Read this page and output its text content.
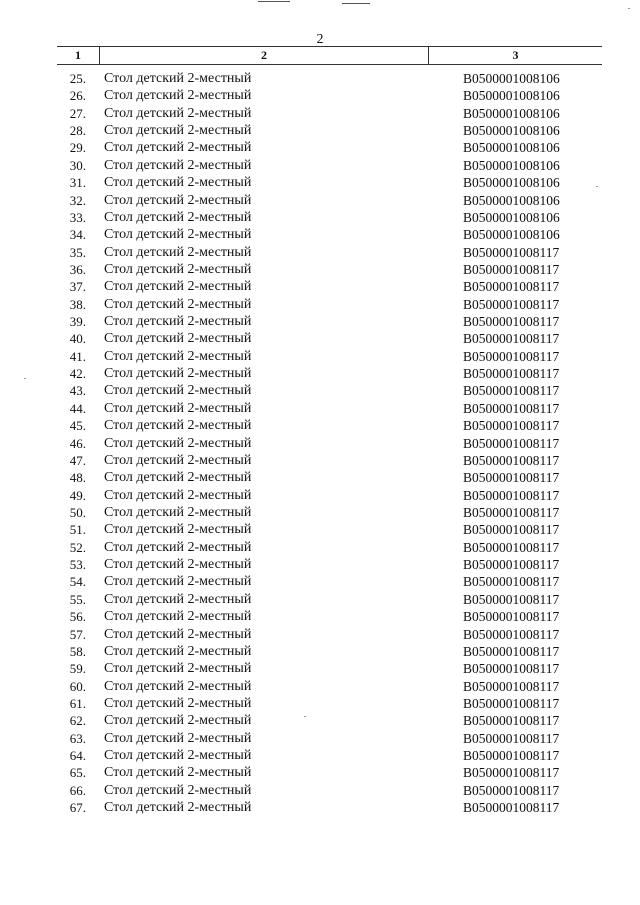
2
1	2	3
25. Стол детский 2-местный	В0500001008106
26. Стол детский 2-местный	В0500001008106
27. Стол детский 2-местный	В0500001008106
28. Стол детский 2-местный	В0500001008106
29. Стол детский 2-местный	В0500001008106
30. Стол детский 2-местный	В0500001008106
31. Стол детский 2-местный	В0500001008106
32. Стол детский 2-местный	В0500001008106
33. Стол детский 2-местный	В0500001008106
34. Стол детский 2-местный	В0500001008106
35. Стол детский 2-местный	В0500001008117
36. Стол детский 2-местный	В0500001008117
37. Стол детский 2-местный	В0500001008117
38. Стол детский 2-местный	В0500001008117
39. Стол детский 2-местный	В0500001008117
40. Стол детский 2-местный	В0500001008117
41. Стол детский 2-местный	В0500001008117
42. Стол детский 2-местный	В0500001008117
43. Стол детский 2-местный	В0500001008117
44. Стол детский 2-местный	В0500001008117
45. Стол детский 2-местный	В0500001008117
46. Стол детский 2-местный	В0500001008117
47. Стол детский 2-местный	В0500001008117
48. Стол детский 2-местный	В0500001008117
49. Стол детский 2-местный	В0500001008117
50. Стол детский 2-местный	В0500001008117
51. Стол детский 2-местный	В0500001008117
52. Стол детский 2-местный	В0500001008117
53. Стол детский 2-местный	В0500001008117
54. Стол детский 2-местный	В0500001008117
55. Стол детский 2-местный	В0500001008117
56. Стол детский 2-местный	В0500001008117
57. Стол детский 2-местный	В0500001008117
58. Стол детский 2-местный	В0500001008117
59. Стол детский 2-местный	В0500001008117
60. Стол детский 2-местный	В0500001008117
61. Стол детский 2-местный	В0500001008117
62. Стол детский 2-местный	В0500001008117
63. Стол детский 2-местный	В0500001008117
64. Стол детский 2-местный	В0500001008117
65. Стол детский 2-местный	В0500001008117
66. Стол детский 2-местный	В0500001008117
67. Стол детский 2-местный	В0500001008117
